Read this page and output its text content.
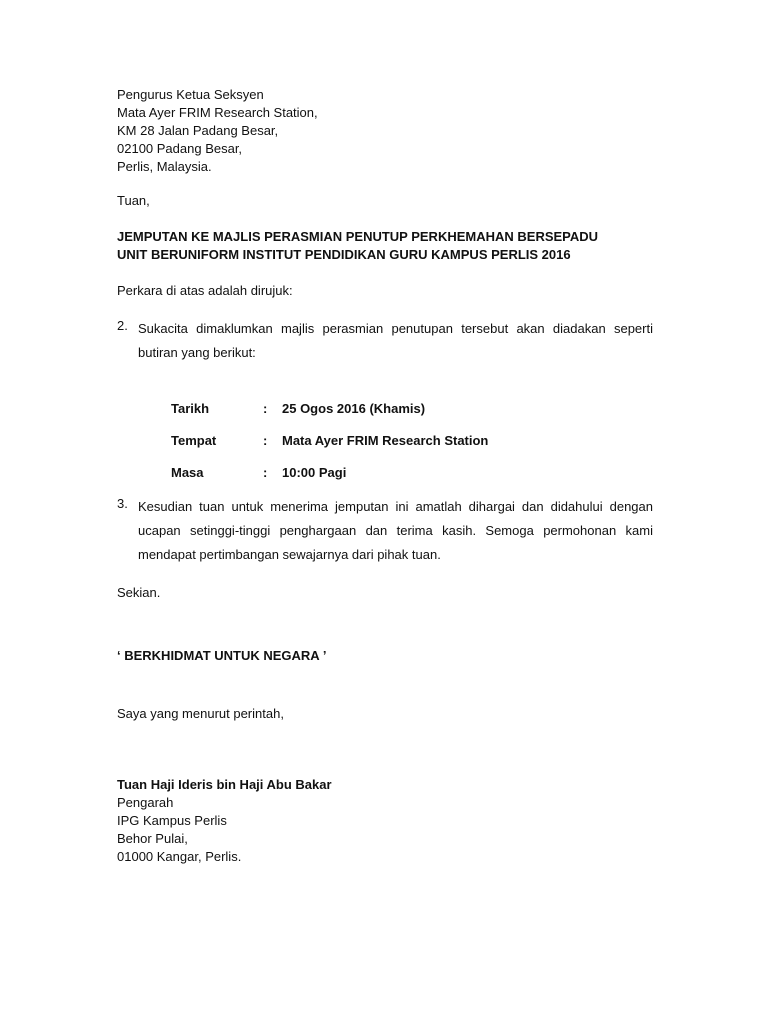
Pengurus Ketua Seksyen
Mata Ayer FRIM Research Station,
KM 28 Jalan Padang Besar,
02100 Padang Besar,
Perlis, Malaysia.
Tuan,
JEMPUTAN KE MAJLIS PERASMIAN PENUTUP PERKHEMAHAN BERSEPADU
UNIT BERUNIFORM INSTITUT PENDIDIKAN GURU KAMPUS PERLIS 2016
Perkara di atas adalah dirujuk:
2. Sukacita dimaklumkan majlis perasmian penutupan tersebut akan diadakan seperti butiran yang berikut:
Tarikh	:	25 Ogos 2016 (Khamis)
Tempat	:	Mata Ayer FRIM Research Station
Masa	:	10:00 Pagi
3. Kesudian tuan untuk menerima jemputan ini amatlah dihargai dan didahului dengan ucapan setinggi-tinggi penghargaan dan terima kasih. Semoga permohonan kami mendapat pertimbangan sewajarnya dari pihak tuan.
Sekian.
‘ BERKHIDMAT UNTUK NEGARA ’
Saya yang menurut perintah,
Tuan Haji Ideris bin Haji Abu Bakar
Pengarah
IPG Kampus Perlis
Behor Pulai,
01000 Kangar, Perlis.
